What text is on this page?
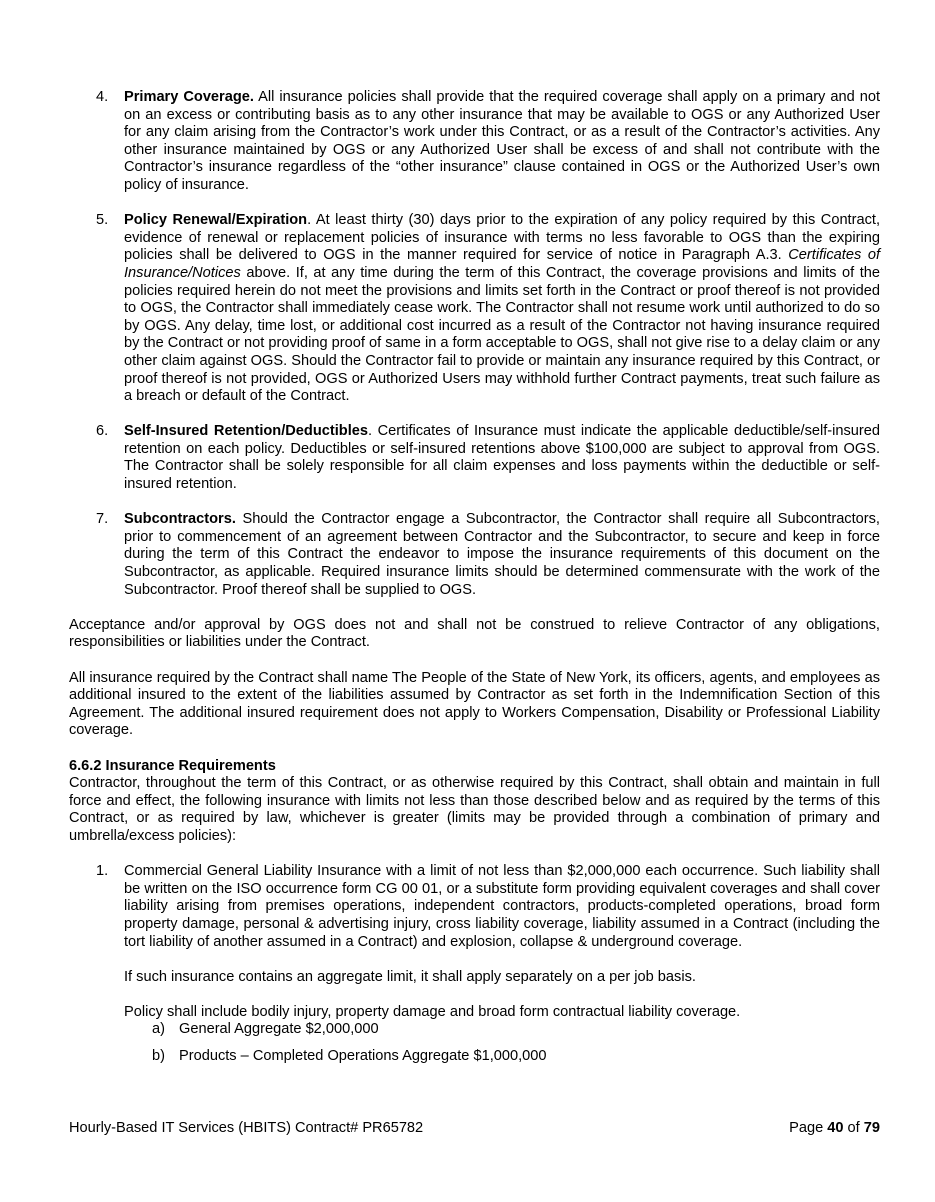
4. Primary Coverage. All insurance policies shall provide that the required coverage shall apply on a primary and not on an excess or contributing basis as to any other insurance that may be available to OGS or any Authorized User for any claim arising from the Contractor’s work under this Contract, or as a result of the Contractor’s activities. Any other insurance maintained by OGS or any Authorized User shall be excess of and shall not contribute with the Contractor’s insurance regardless of the “other insurance” clause contained in OGS or the Authorized User’s own policy of insurance.
5. Policy Renewal/Expiration. At least thirty (30) days prior to the expiration of any policy required by this Contract, evidence of renewal or replacement policies of insurance with terms no less favorable to OGS than the expiring policies shall be delivered to OGS in the manner required for service of notice in Paragraph A.3. Certificates of Insurance/Notices above. If, at any time during the term of this Contract, the coverage provisions and limits of the policies required herein do not meet the provisions and limits set forth in the Contract or proof thereof is not provided to OGS, the Contractor shall immediately cease work. The Contractor shall not resume work until authorized to do so by OGS. Any delay, time lost, or additional cost incurred as a result of the Contractor not having insurance required by the Contract or not providing proof of same in a form acceptable to OGS, shall not give rise to a delay claim or any other claim against OGS. Should the Contractor fail to provide or maintain any insurance required by this Contract, or proof thereof is not provided, OGS or Authorized Users may withhold further Contract payments, treat such failure as a breach or default of the Contract.
6. Self-Insured Retention/Deductibles. Certificates of Insurance must indicate the applicable deductible/self-insured retention on each policy. Deductibles or self-insured retentions above $100,000 are subject to approval from OGS. The Contractor shall be solely responsible for all claim expenses and loss payments within the deductible or self-insured retention.
7. Subcontractors. Should the Contractor engage a Subcontractor, the Contractor shall require all Subcontractors, prior to commencement of an agreement between Contractor and the Subcontractor, to secure and keep in force during the term of this Contract the endeavor to impose the insurance requirements of this document on the Subcontractor, as applicable. Required insurance limits should be determined commensurate with the work of the Subcontractor. Proof thereof shall be supplied to OGS.

Acceptance and/or approval by OGS does not and shall not be construed to relieve Contractor of any obligations, responsibilities or liabilities under the Contract.

All insurance required by the Contract shall name The People of the State of New York, its officers, agents, and employees as additional insured to the extent of the liabilities assumed by Contractor as set forth in the Indemnification Section of this Agreement. The additional insured requirement does not apply to Workers Compensation, Disability or Professional Liability coverage.

6.6.2 Insurance Requirements
Contractor, throughout the term of this Contract, or as otherwise required by this Contract, shall obtain and maintain in full force and effect, the following insurance with limits not less than those described below and as required by the terms of this Contract, or as required by law, whichever is greater (limits may be provided through a combination of primary and umbrella/excess policies):
1. Commercial General Liability Insurance with a limit of not less than $2,000,000 each occurrence. Such liability shall be written on the ISO occurrence form CG 00 01, or a substitute form providing equivalent coverages and shall cover liability arising from premises operations, independent contractors, products-completed operations, broad form property damage, personal & advertising injury, cross liability coverage, liability assumed in a Contract (including the tort liability of another assumed in a Contract) and explosion, collapse & underground coverage.

If such insurance contains an aggregate limit, it shall apply separately on a per job basis.

Policy shall include bodily injury, property damage and broad form contractual liability coverage.

a) General Aggregate $2,000,000
b) Products – Completed Operations Aggregate $1,000,000
Hourly-Based IT Services (HBITS) Contract# PR65782	Page 40 of 79
